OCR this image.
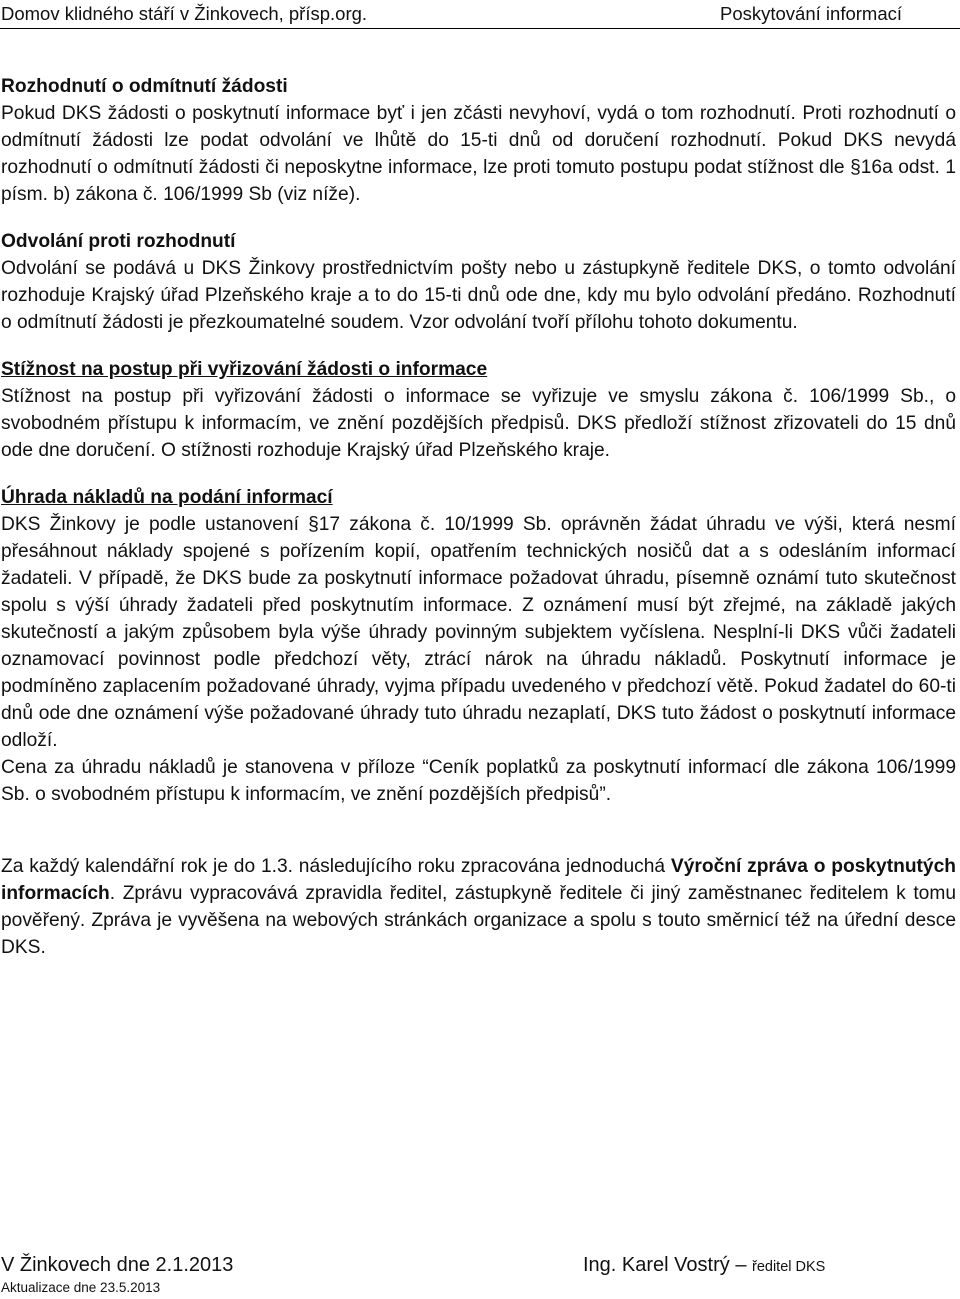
Domov klidného stáří v Žinkovech, přísp.org.	Poskytování informací
Rozhodnutí o odmítnutí žádosti

Pokud DKS žádosti o poskytnutí informace byť i jen zčásti nevyhoví, vydá o tom rozhodnutí. Proti rozhodnutí o odmítnutí žádosti lze podat odvolání ve lhůtě do 15-ti dnů od doručení rozhodnutí. Pokud DKS nevydá rozhodnutí o odmítnutí žádosti či neposkytne informace, lze proti tomuto postupu podat stížnost dle §16a odst. 1 písm. b) zákona č. 106/1999 Sb (viz níže).

Odvolání proti rozhodnutí

Odvolání se podává u DKS Žinkovy prostřednictvím pošty nebo u zástupkyně ředitele DKS, o tomto odvolání rozhoduje Krajský úřad Plzeňského kraje a to do 15-ti dnů ode dne, kdy mu bylo odvolání předáno. Rozhodnutí o odmítnutí žádosti je přezkoumatelné soudem. Vzor odvolání tvoří přílohu tohoto dokumentu.

Stížnost na postup při vyřizování žádosti o informace

Stížnost na postup při vyřizování žádosti o informace se vyřizuje ve smyslu zákona č. 106/1999 Sb., o svobodném přístupu k informacím, ve znění pozdějších předpisů. DKS předloží stížnost zřizovateli do 15 dnů ode dne doručení. O stížnosti rozhoduje Krajský úřad Plzeňského kraje.

Úhrada nákladů na podání informací

DKS Žinkovy je podle ustanovení §17 zákona č. 10/1999 Sb. oprávněn žádat úhradu ve výši, která nesmí přesáhnout náklady spojené s pořízením kopií, opatřením technických nosičů dat a s odesláním informací žadateli. V případě, že DKS bude za poskytnutí informace požadovat úhradu, písemně oznámí tuto skutečnost spolu s výší úhrady žadateli před poskytnutím informace. Z oznámení musí být zřejmé, na základě jakých skutečností a jakým způsobem byla výše úhrady povinným subjektem vyčíslena. Nesplní-li DKS vůči žadateli oznamovací povinnost podle předchozí věty, ztrácí nárok na úhradu nákladů. Poskytnutí informace je podmíněno zaplacením požadované úhrady, vyjma případu uvedeného v předchozí větě. Pokud žadatel do 60-ti dnů ode dne oznámení výše požadované úhrady tuto úhradu nezaplatí, DKS tuto žádost o poskytnutí informace odloží.

Cena za úhradu nákladů je stanovena v příloze “Ceník poplatků za poskytnutí informací dle zákona 106/1999 Sb. o svobodném přístupu k informacím, ve znění pozdějších předpisů”.

Za každý kalendářní rok je do 1.3. následujícího roku zpracována jednoduchá Výroční zpráva o poskytnutých informacích. Zprávu vypracovává zpravidla ředitel, zástupkyně ředitele či jiný zaměstnanec ředitelem k tomu pověřený. Zpráva je vyvěšena na webových stránkách organizace a spolu s touto směrnicí též na úřední desce DKS.

V Žinkovech dne 2.1.2013	Ing. Karel Vostrý – ředitel DKS
Aktualizace dne 23.5.2013
